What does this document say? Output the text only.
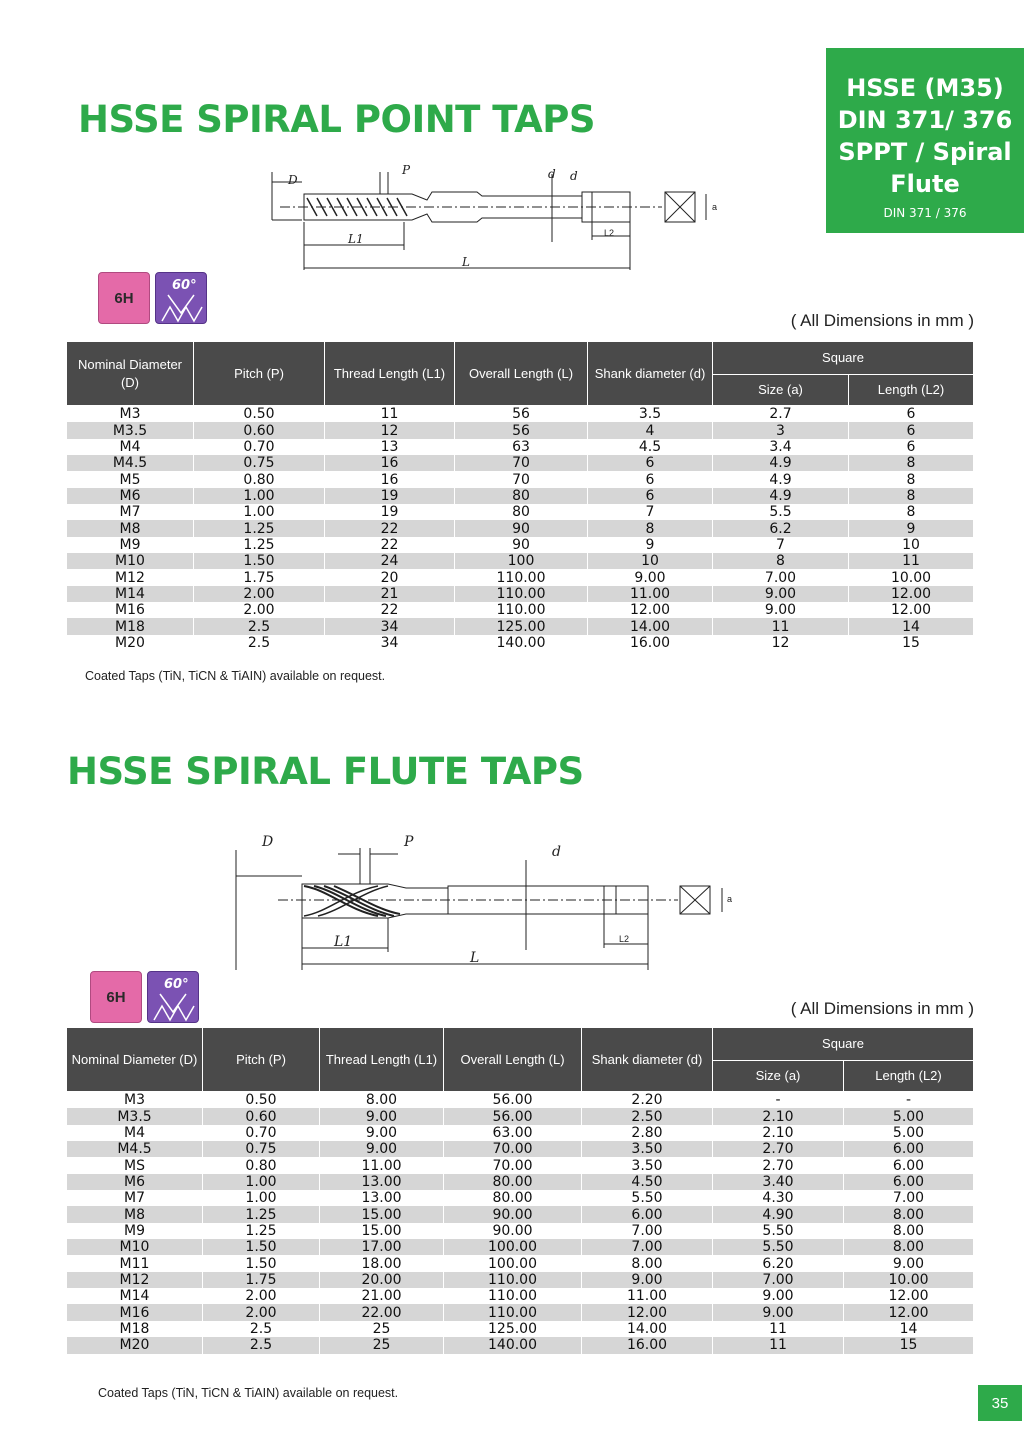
HSSE (M35)
DIN 371/ 376
SPPT / Spiral
Flute
DIN 371 / 376
HSSE SPIRAL POINT TAPS
D
P	d d
L1
L
L2
a
6H
60°
( All Dimensions in mm )
Nominal Diameter (D)	Pitch (P)	Thread Length (L1)	Overall Length (L)	Shank diameter (d)	Square	
					Size (a)	Length (L2)
M3	0.50	11	56	3.5	2.7	6
M3.5	0.60	12	56	4	3	6
M4	0.70	13	63	4.5	3.4	6
M4.5	0.75	16	70	6	4.9	8
M5	0.80	16	70	6	4.9	8
M6	1.00	19	80	6	4.9	8
M7	1.00	19	80	7	5.5	8
M8	1.25	22	90	8	6.2	9
M9	1.25	22	90	9	7	10
M10	1.50	24	100	10	8	11
M12	1.75	20	110.00	9.00	7.00	10.00
M14	2.00	21	110.00	11.00	9.00	12.00
M16	2.00	22	110.00	12.00	9.00	12.00
M18	2.5	34	125.00	14.00	11	14
M20	2.5	34	140.00	16.00	12	15
Coated Taps (TiN, TiCN & TiAIN) available on request.
HSSE SPIRAL FLUTE TAPS
D	P
d
L1
L
L2
a
6H
60°
( All Dimensions in mm )
Nominal Diameter (D)	Pitch (P)	Thread Length (L1)	Overall Length (L)	Shank diameter (d)	Square	
					Size (a)	Length (L2)
M3	0.50	8.00	56.00	2.20	-	-
M3.5	0.60	9.00	56.00	2.50	2.10	5.00
M4	0.70	9.00	63.00	2.80	2.10	5.00
M4.5	0.75	9.00	70.00	3.50	2.70	6.00
MS	0.80	11.00	70.00	3.50	2.70	6.00
M6	1.00	13.00	80.00	4.50	3.40	6.00
M7	1.00	13.00	80.00	5.50	4.30	7.00
M8	1.25	15.00	90.00	6.00	4.90	8.00
M9	1.25	15.00	90.00	7.00	5.50	8.00
M10	1.50	17.00	100.00	7.00	5.50	8.00
M11	1.50	18.00	100.00	8.00	6.20	9.00
M12	1.75	20.00	110.00	9.00	7.00	10.00
M14	2.00	21.00	110.00	11.00	9.00	12.00
M16	2.00	22.00	110.00	12.00	9.00	12.00
M18	2.5	25	125.00	14.00	11	14
M20	2.5	25	140.00	16.00	11	15
Coated Taps (TiN, TiCN & TiAIN) available on request.
35
